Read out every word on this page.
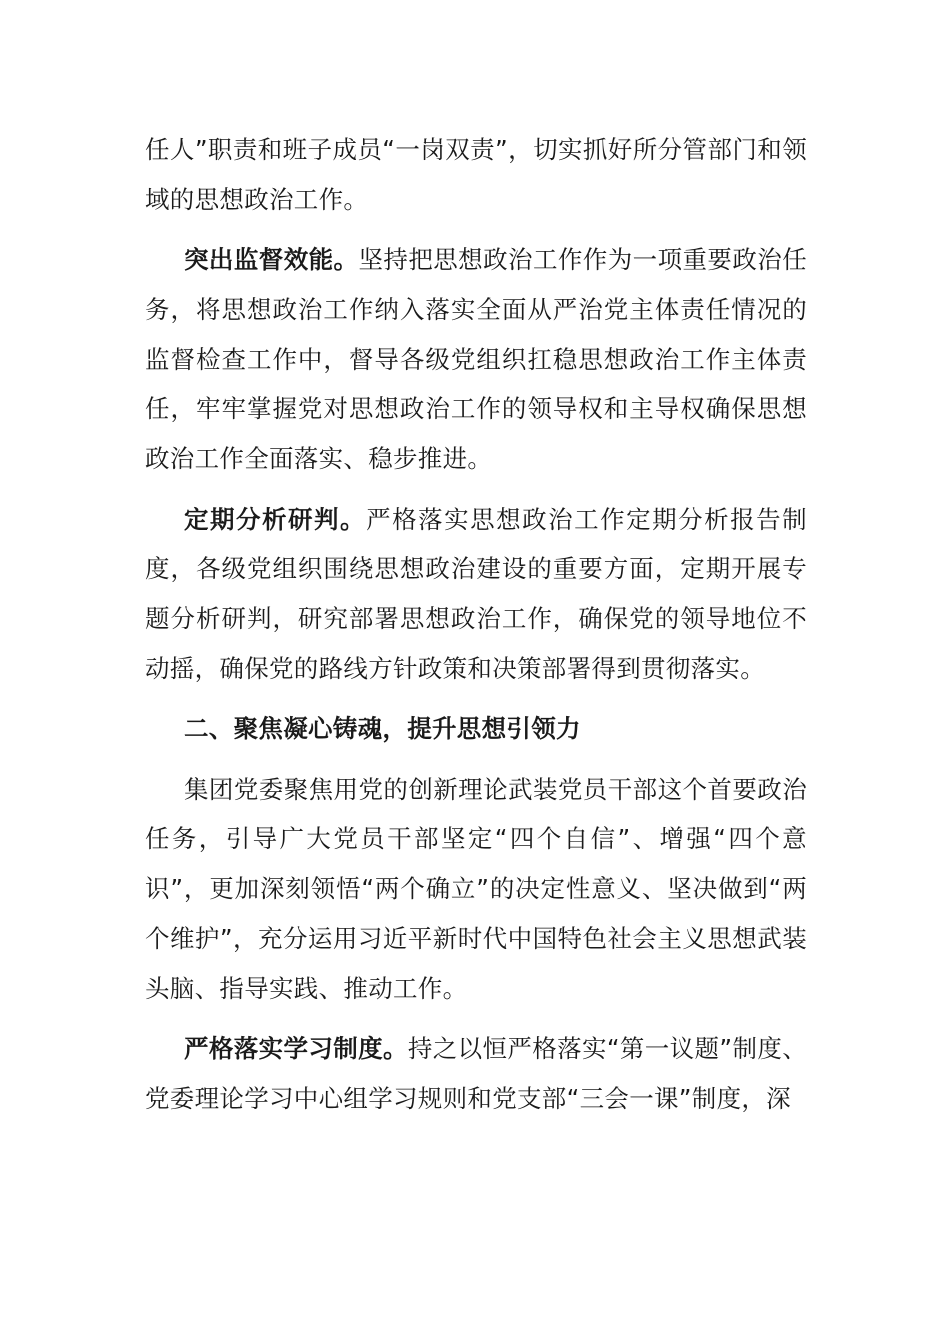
任人”职责和班子成员“一岗双责”，切实抓好所分管部门和领域的思想政治工作。

突出监督效能。坚持把思想政治工作作为一项重要政治任务，将思想政治工作纳入落实全面从严治党主体责任情况的监督检查工作中，督导各级党组织扛稳思想政治工作主体责任，牢牢掌握党对思想政治工作的领导权和主导权确保思想政治工作全面落实、稳步推进。

定期分析研判。严格落实思想政治工作定期分析报告制度，各级党组织围绕思想政治建设的重要方面，定期开展专题分析研判，研究部署思想政治工作，确保党的领导地位不动摇，确保党的路线方针政策和决策部署得到贯彻落实。

二、聚焦凝心铸魂，提升思想引领力

集团党委聚焦用党的创新理论武装党员干部这个首要政治任务，引导广大党员干部坚定“四个自信”、增强“四个意识”，更加深刻领悟“两个确立”的决定性意义、坚决做到“两个维护”，充分运用习近平新时代中国特色社会主义思想武装头脑、指导实践、推动工作。

严格落实学习制度。持之以恒严格落实“第一议题”制度、党委理论学习中心组学习规则和党支部“三会一课”制度，深
